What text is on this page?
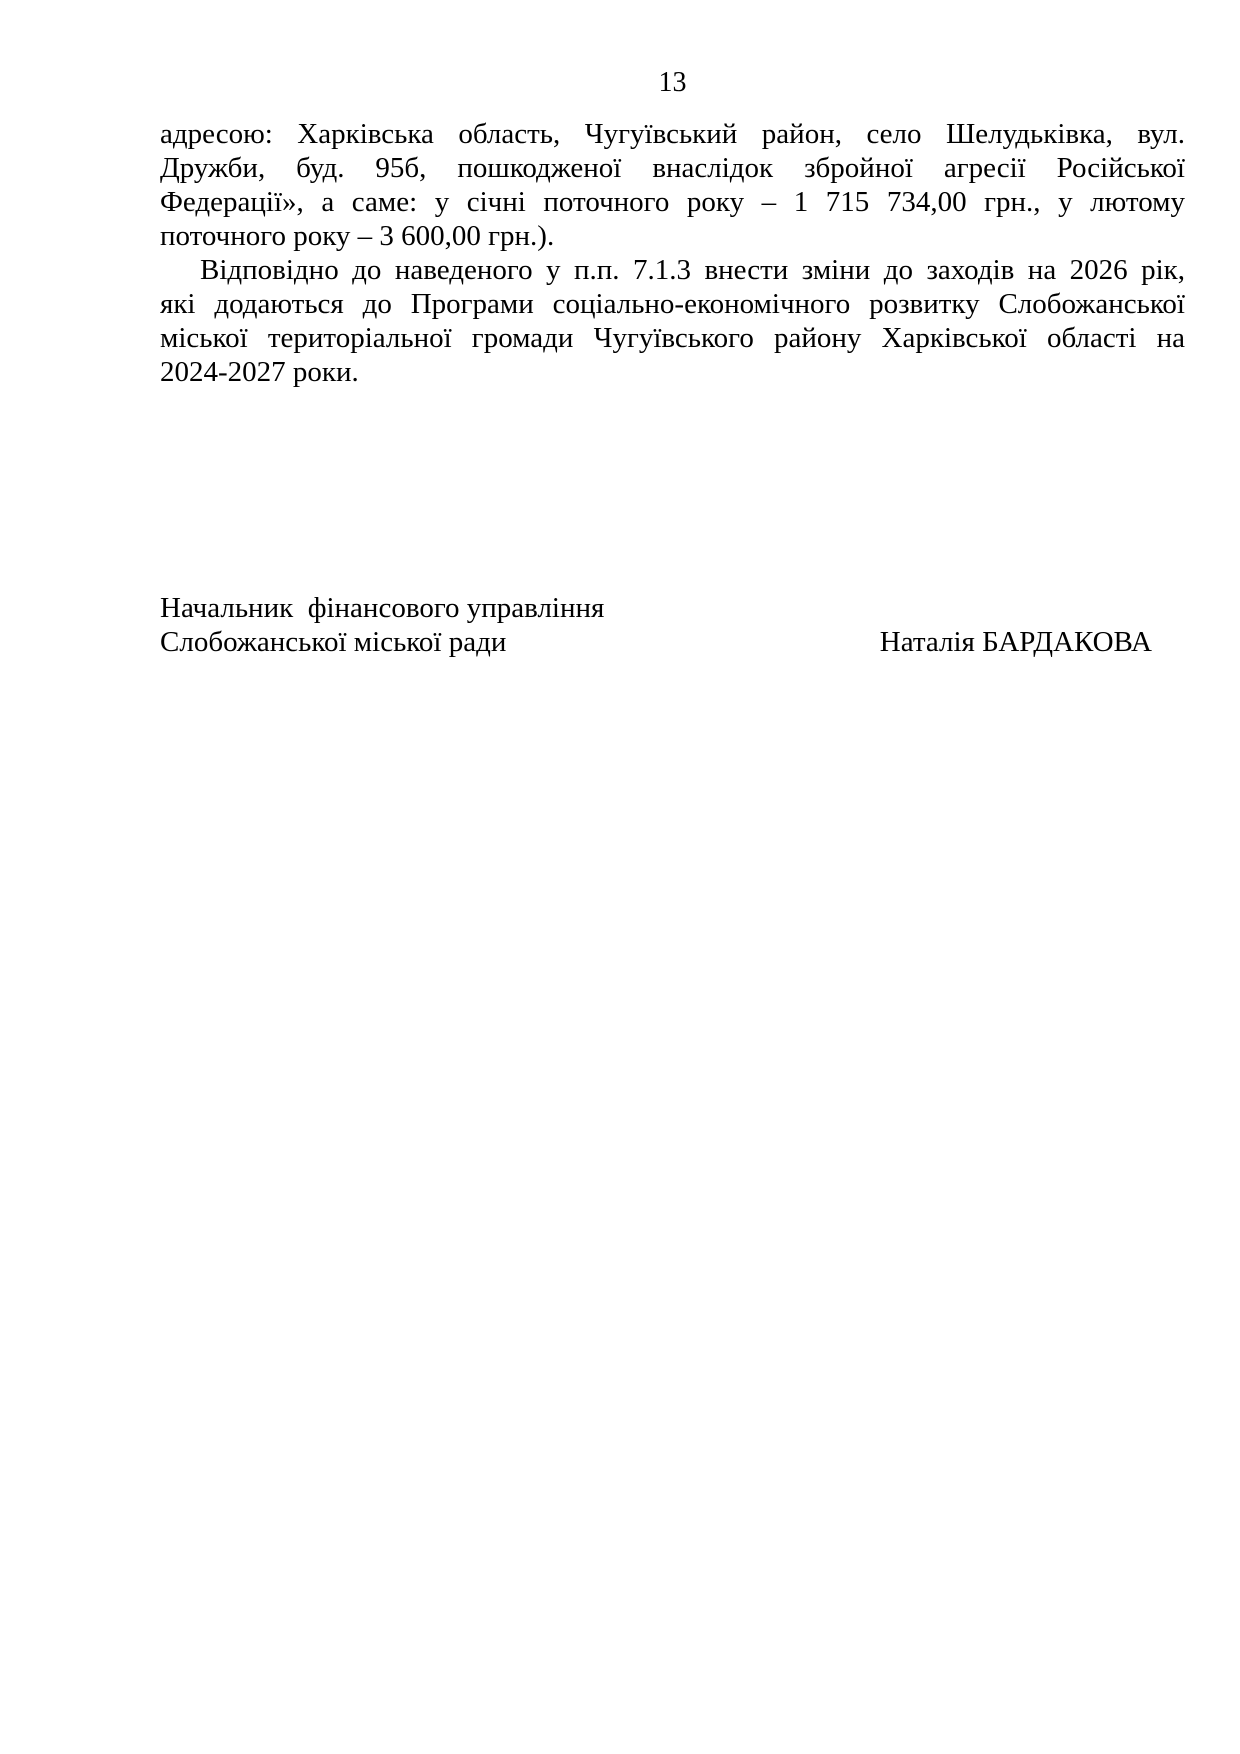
13
адресою: Харківська область, Чугуївський район, село Шелудьківка, вул.
Дружби, буд. 95б, пошкодженої внаслідок збройної агресії Російської
Федерації», а саме: у січні поточного року – 1 715 734,00 грн., у лютому
поточного року – 3 600,00 грн.).
Відповідно до наведеного у п.п. 7.1.3 внести зміни до заходів на 2026 рік,
які додаються до Програми соціально-економічного розвитку Слобожанської
міської територіальної громади Чугуївського району Харківської області на
2024-2027 роки.
Начальник  фінансового управління
Слобожанської міської ради	Наталія БАРДАКОВА
